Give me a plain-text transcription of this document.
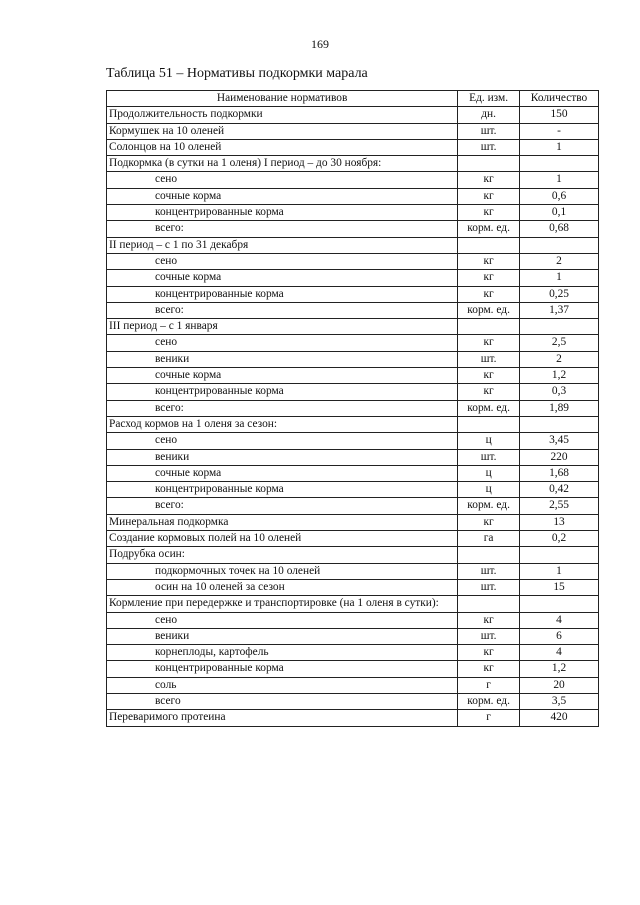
169
Таблица 51 – Нормативы подкормки марала
Наименование нормативов	Ед. изм.	Количество
Продолжительность подкормки	дн.	150
Кормушек на 10 оленей	шт.	-
Солонцов на 10 оленей	шт.	1
Подкормка (в сутки на 1 оленя) I период – до 30 ноября:		
сено	кг	1
сочные корма	кг	0,6
концентрированные корма	кг	0,1
всего:	корм. ед.	0,68
II период – с 1 по 31 декабря		
сено	кг	2
сочные корма	кг	1
концентрированные корма	кг	0,25
всего:	корм. ед.	1,37
III период – с 1 января		
сено	кг	2,5
веники	шт.	2
сочные корма	кг	1,2
концентрированные корма	кг	0,3
всего:	корм. ед.	1,89
Расход кормов на 1 оленя за сезон:		
сено	ц	3,45
веники	шт.	220
сочные корма	ц	1,68
концентрированные корма	ц	0,42
всего:	корм. ед.	2,55
Минеральная подкормка	кг	13
Создание кормовых полей на 10 оленей	га	0,2
Подрубка осин:		
подкормочных точек на 10 оленей	шт.	1
осин на 10 оленей за сезон	шт.	15
Кормление при передержке и транспортировке (на 1 оленя в сутки):		
сено	кг	4
веники	шт.	6
корнеплоды, картофель	кг	4
концентрированные корма	кг	1,2
соль	г	20
всего	корм. ед.	3,5
Переваримого протеина	г	420
